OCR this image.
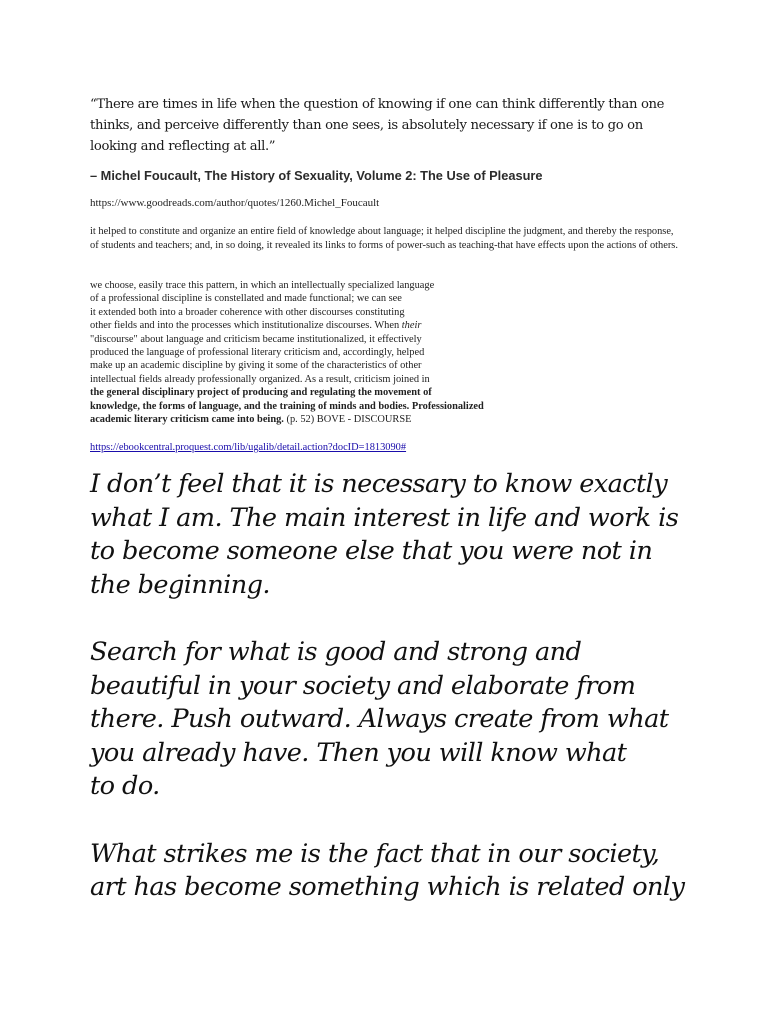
“There are times in life when the question of knowing if one can think differently than one thinks, and perceive differently than one sees, is absolutely necessary if one is to go on looking and reflecting at all.”

– Michel Foucault, The History of Sexuality, Volume 2: The Use of Pleasure

https://www.goodreads.com/author/quotes/1260.Michel_Foucault

it helped to constitute and organize an entire field of knowledge about language; it helped discipline the judgment, and thereby the response, of students and teachers; and, in so doing, it revealed its links to forms of power-such as teaching-that have effects upon the actions of others.

we choose, easily trace this pattern, in which an intellectually specialized language
of a professional discipline is constellated and made functional; we can see
it extended both into a broader coherence with other discourses constituting
other fields and into the processes which institutionalize discourses. When their
"discourse" about language and criticism became institutionalized, it effectively
produced the language of professional literary criticism and, accordingly, helped
make up an academic discipline by giving it some of the characteristics of other
intellectual fields already professionally organized. As a result, criticism joined in
the general disciplinary project of producing and regulating the movement of
knowledge, the forms of language, and the training of minds and bodies. Professionalized
academic literary criticism came into being. (p. 52) BOVE - DISCOURSE
https://ebookcentral.proquest.com/lib/ugalib/detail.action?docID=1813090#

I don’t feel that it is necessary to know exactly
what I am. The main interest in life and work is
to become someone else that you were not in
the beginning.

Search for what is good and strong and
beautiful in your society and elaborate from
there. Push outward. Always create from what
you already have. Then you will know what
to do.

What strikes me is the fact that in our society,
art has become something which is related only
